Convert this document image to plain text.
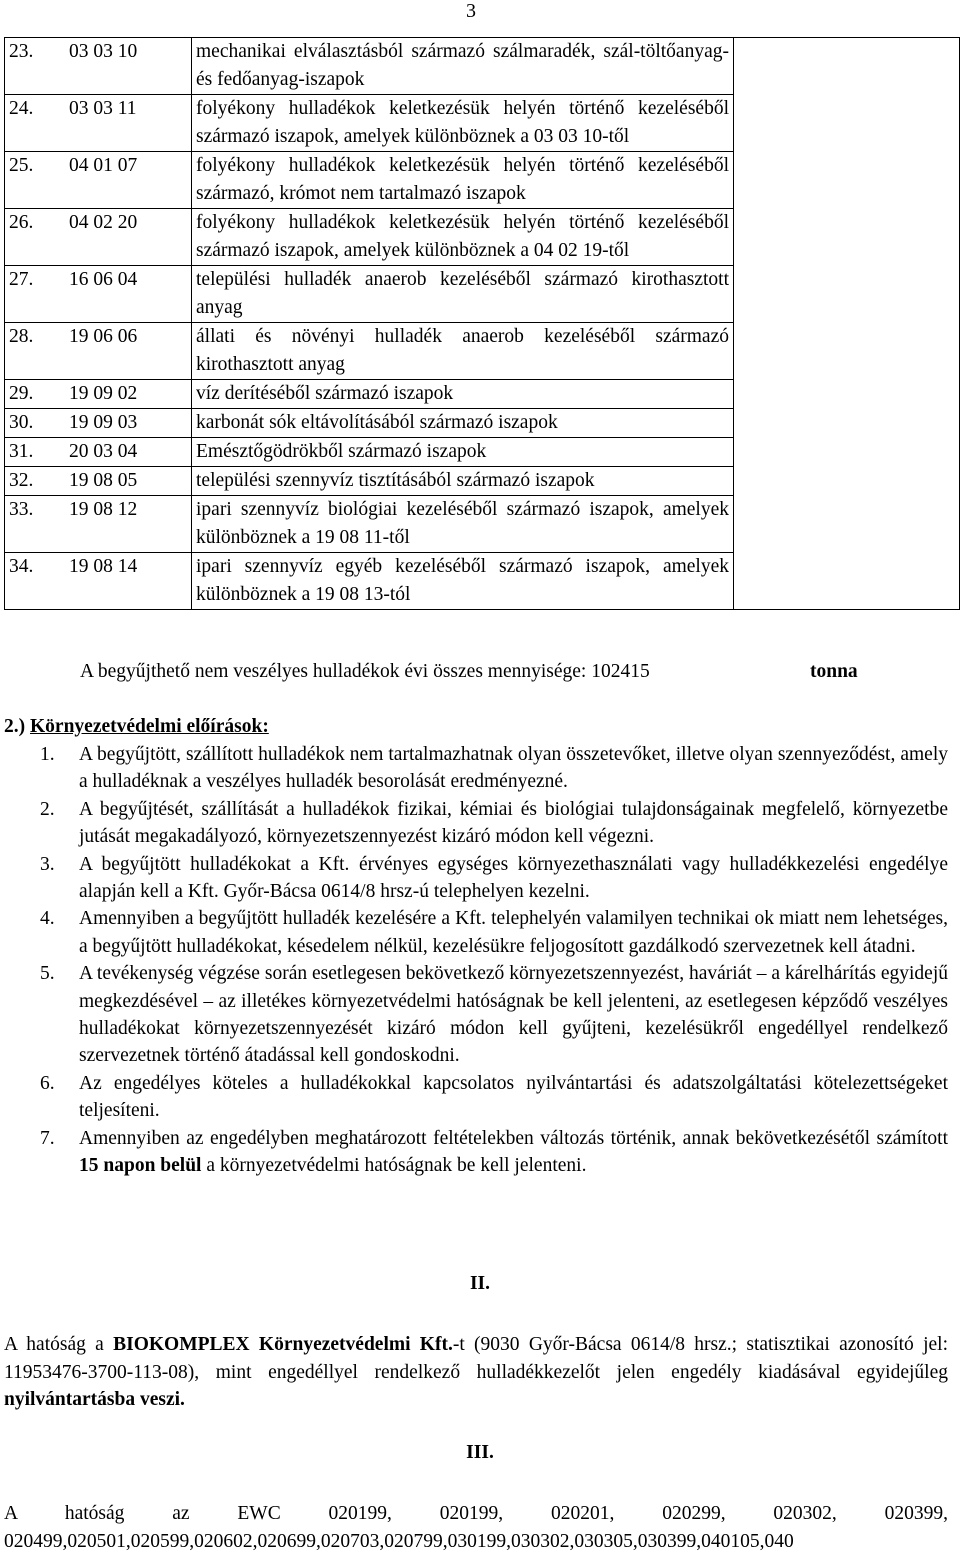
3
23.	03 03 10	mechanikai elválasztásból származó szálmaradék, szál-töltőanyag- és fedőanyag-iszapok	
24.	03 03 11	folyékony hulladékok keletkezésük helyén történő kezeléséből származó iszapok, amelyek különböznek a 03 03 10-től	
25.	04 01 07	folyékony hulladékok keletkezésük helyén történő kezeléséből származó, krómot nem tartalmazó iszapok	
26.	04 02 20	folyékony hulladékok keletkezésük helyén történő kezeléséből származó iszapok, amelyek különböznek a 04 02 19-től	
27.	16 06 04	települési hulladék anaerob kezeléséből származó kirothasztott anyag	
28.	19 06 06	állati és növényi hulladék anaerob kezeléséből származó kirothasztott anyag	
29.	19 09 02	víz derítéséből származó iszapok	
30.	19 09 03	karbonát sók eltávolításából származó iszapok	
31.	20 03 04	Emésztőgödrökből származó iszapok	
32.	19 08 05	települési szennyvíz tisztításából származó iszapok	
33.	19 08 12	ipari szennyvíz biológiai kezeléséből származó iszapok, amelyek különböznek a 19 08 11-től	
34.	19 08 14	ipari szennyvíz egyéb kezeléséből származó iszapok, amelyek különböznek a 19 08 13-tól	
A begyűjthető nem veszélyes hulladékok évi összes mennyisége: 102415	tonna
2.) Környezetvédelmi előírások:
1. A begyűjtött, szállított hulladékok nem tartalmazhatnak olyan összetevőket, illetve olyan szennyeződést, amely a hulladéknak a veszélyes hulladék besorolását eredményezné.
2. A begyűjtését, szállítását a hulladékok fizikai, kémiai és biológiai tulajdonságainak megfelelő, környezetbe jutását megakadályozó, környezetszennyezést kizáró módon kell végezni.
3. A begyűjtött hulladékokat a Kft. érvényes egységes környezethasználati vagy hulladékkezelési engedélye alapján kell a Kft. Győr-Bácsa 0614/8 hrsz-ú telephelyen kezelni.
4. Amennyiben a begyűjtött hulladék kezelésére a Kft. telephelyén valamilyen technikai ok miatt nem lehetséges, a begyűjtött hulladékokat, késedelem nélkül, kezelésükre feljogosított gazdálkodó szervezetnek kell átadni.
5. A tevékenység végzése során esetlegesen bekövetkező környezetszennyezést, haváriát – a kárelhárítás egyidejű megkezdésével – az illetékes környezetvédelmi hatóságnak be kell jelenteni, az esetlegesen képződő veszélyes hulladékokat környezetszennyezését kizáró módon kell gyűjteni, kezelésükről engedéllyel rendelkező szervezetnek történő átadással kell gondoskodni.
6. Az engedélyes köteles a hulladékokkal kapcsolatos nyilvántartási és adatszolgáltatási kötelezettségeket teljesíteni.
7. Amennyiben az engedélyben meghatározott feltételekben változás történik, annak bekövetkezésétől számított 15 napon belül a környezetvédelmi hatóságnak be kell jelenteni.
II.
A hatóság a BIOKOMPLEX Környezetvédelmi Kft.-t (9030 Győr-Bácsa 0614/8 hrsz.; statisztikai azonosító jel: 11953476-3700-113-08), mint engedéllyel rendelkező hulladékkezelőt jelen engedély kiadásával egyidejűleg nyilvántartásba veszi.
III.
A hatóság az EWC 020199, 020199, 020201, 020299, 020302, 020399, 020499,020501,020599,020602,020699,020703,020799,030199,030302,030305,030399,040105,040
